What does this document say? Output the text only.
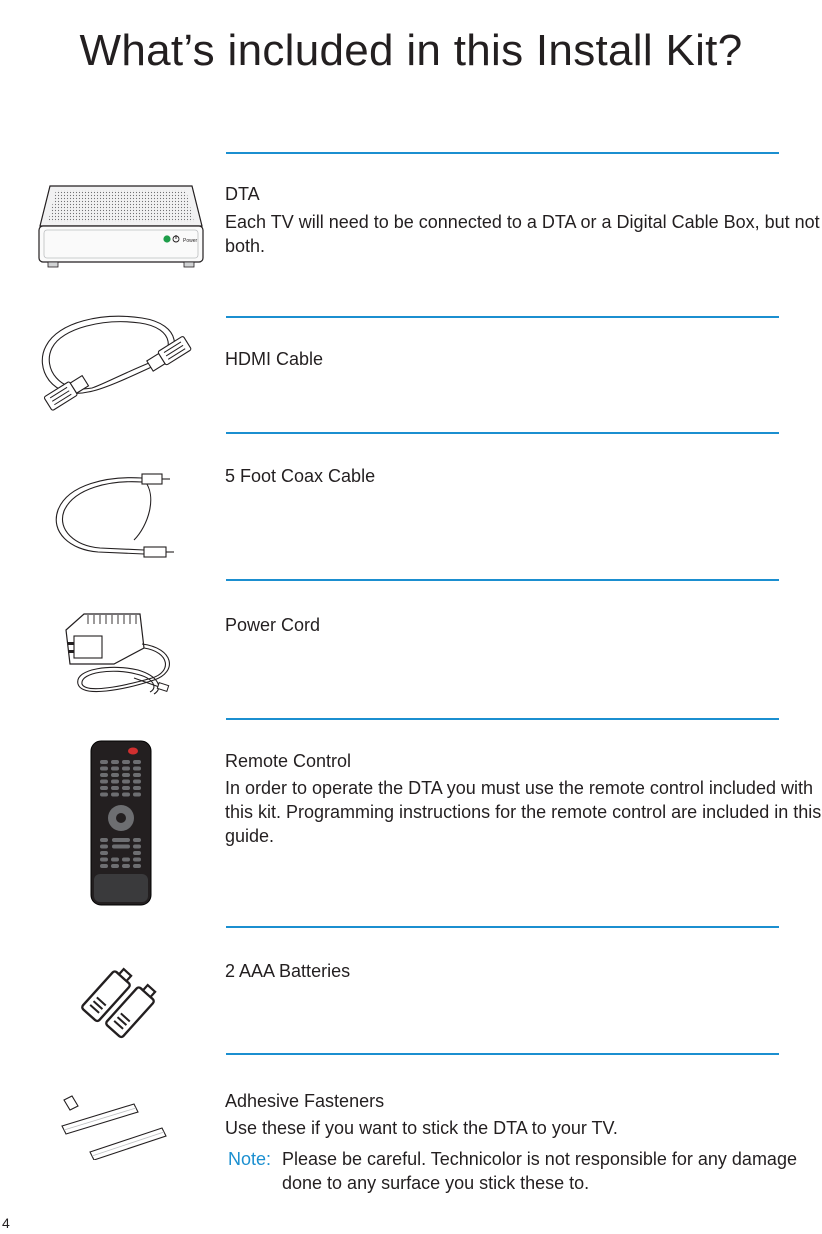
What’s included in this Install Kit?
Power
DTA
Each TV will need to be connected to a DTA or a Digital Cable Box, but not both.
HDMI Cable
5 Foot Coax Cable
Power Cord
Remote Control
In order to operate the DTA you must use the remote control included with this kit. Programming instructions for the remote control are included in this guide.
2 AAA Batteries
Adhesive Fasteners
Use these if you want to stick the DTA to your TV.
Note: Please be careful. Technicolor is not responsible for any damage done to any surface you stick these to.
4
